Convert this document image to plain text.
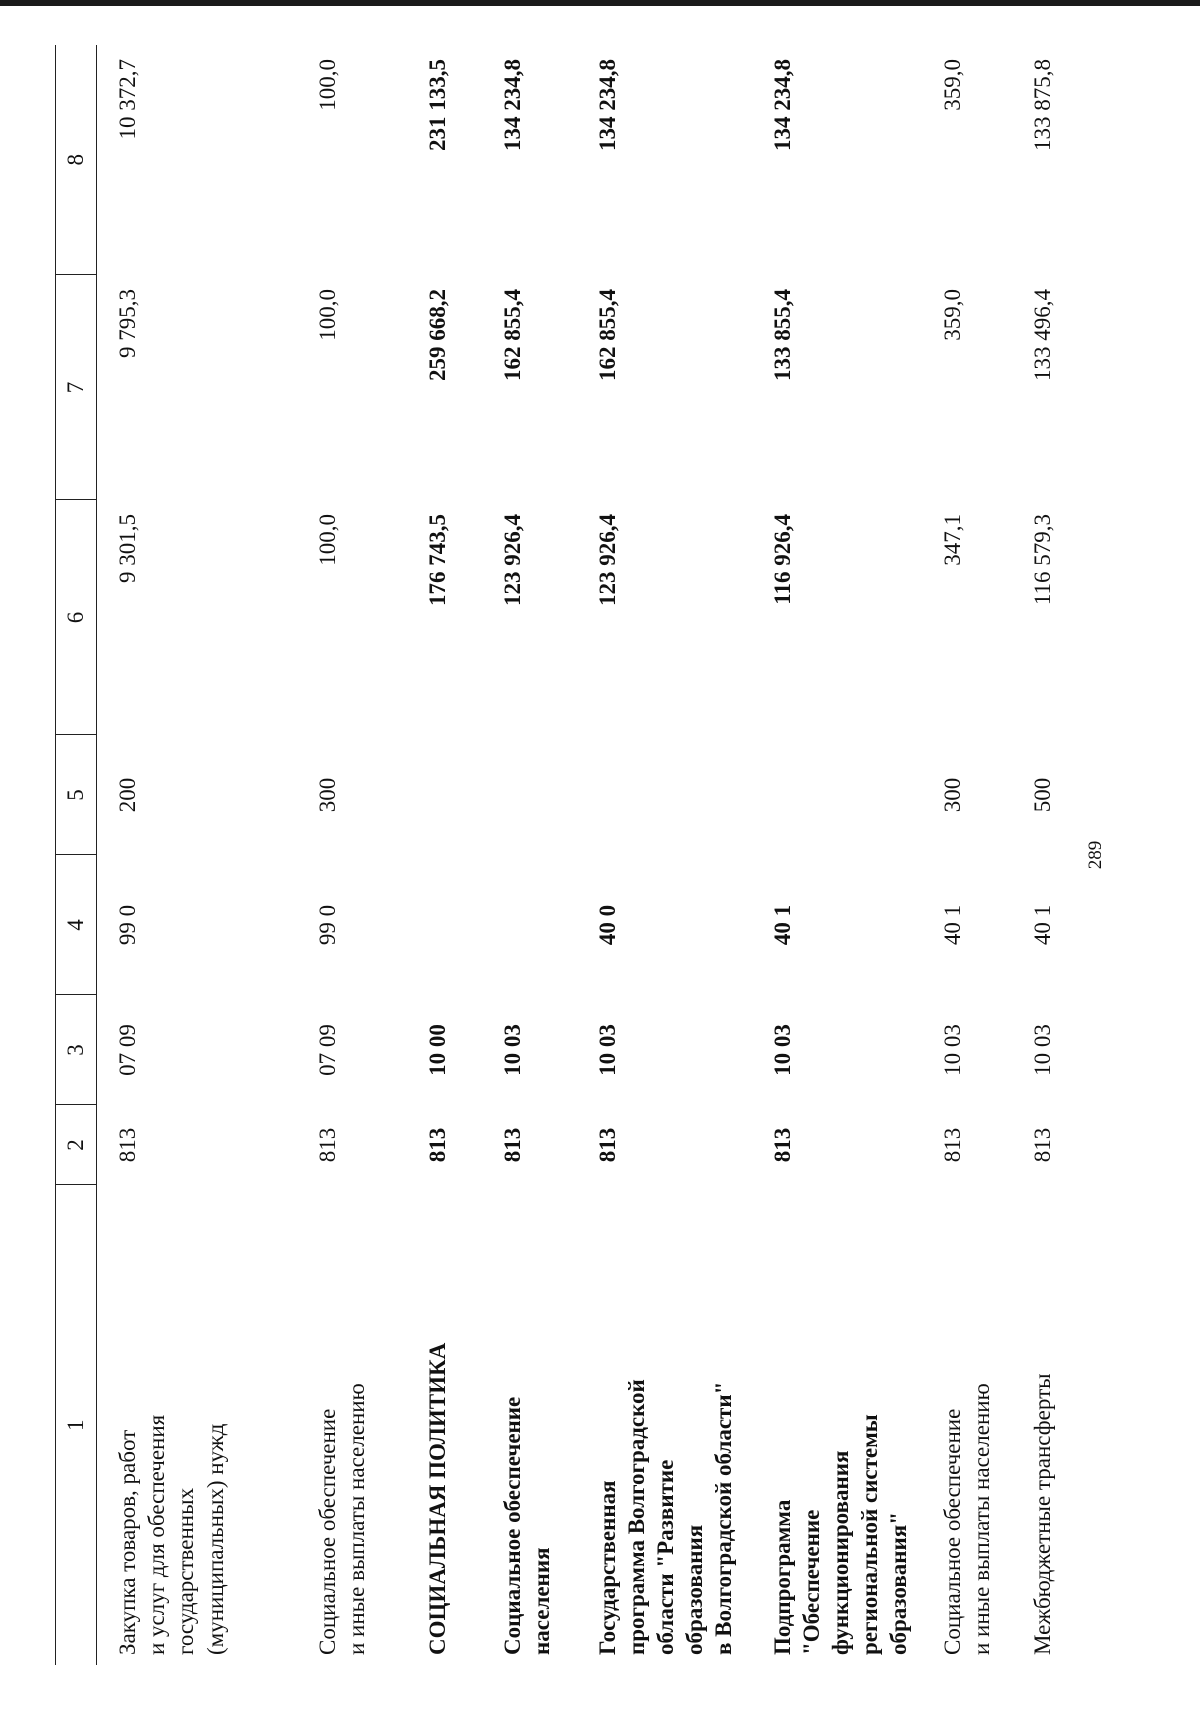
289
1	2	3	4	5	6	7	8
Закупка товаров, работ
и услуг для обеспечения
государственных
(муниципальных) нужд	813	07 09	99 0	200	9 301,5	9 795,3	10 372,7
Социальное обеспечение
и иные выплаты населению	813	07 09	99 0	300	100,0	100,0	100,0
СОЦИАЛЬНАЯ ПОЛИТИКА	813	10 00			176 743,5	259 668,2	231 133,5
Социальное обеспечение
населения	813	10 03			123 926,4	162 855,4	134 234,8
Государственная
программа Волгоградской
области "Развитие
образования
в Волгоградской области"	813	10 03	40 0		123 926,4	162 855,4	134 234,8
Подпрограмма
"Обеспечение
функционирования
региональной системы
образования"	813	10 03	40 1		116 926,4	133 855,4	134 234,8
Социальное обеспечение
и иные выплаты населению	813	10 03	40 1	300	347,1	359,0	359,0
Межбюджетные трансферты	813	10 03	40 1	500	116 579,3	133 496,4	133 875,8
